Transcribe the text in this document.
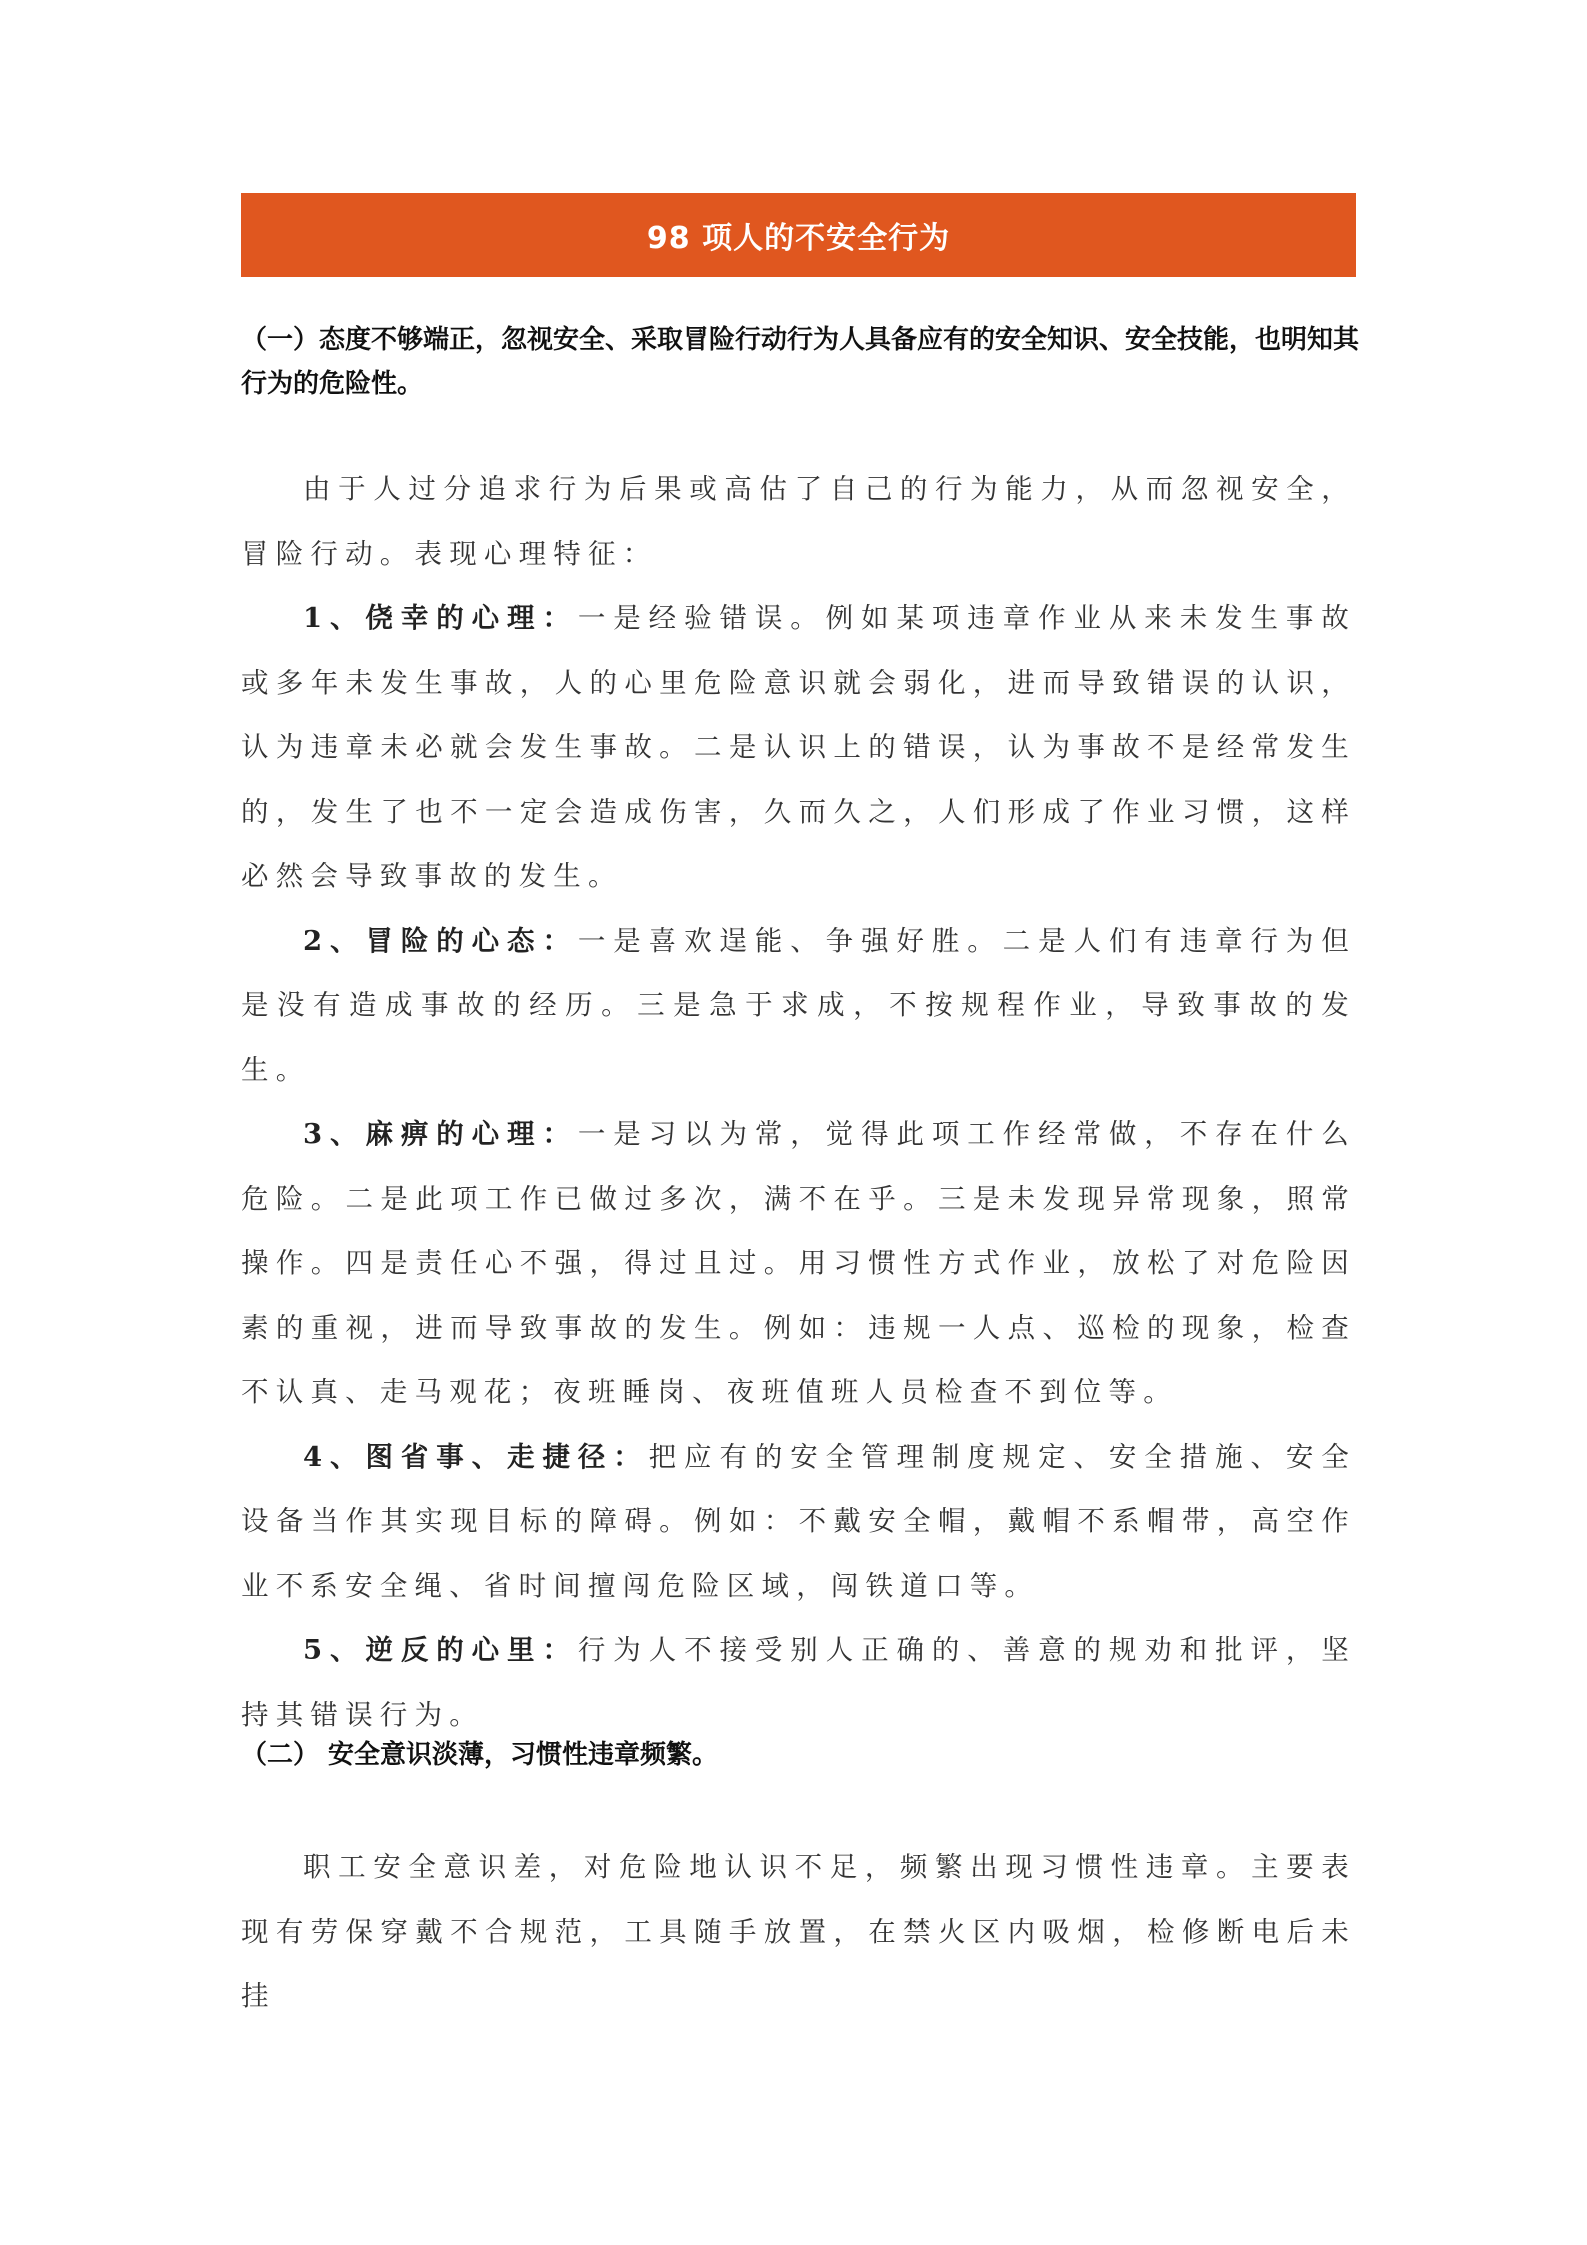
98 项人的不安全行为
（一）态度不够端正，忽视安全、采取冒险行动行为人具备应有的安全知识、安全技能，也明知其行为的危险性。

由于人过分追求行为后果或高估了自己的行为能力，从而忽视安全，冒险行动。表现心理特征：

1、侥幸的心理：一是经验错误。例如某项违章作业从来未发生事故或多年未发生事故，人的心里危险意识就会弱化，进而导致错误的认识，认为违章未必就会发生事故。二是认识上的错误，认为事故不是经常发生的，发生了也不一定会造成伤害，久而久之，人们形成了作业习惯，这样必然会导致事故的发生。

2、冒险的心态：一是喜欢逞能、争强好胜。二是人们有违章行为但是没有造成事故的经历。三是急于求成，不按规程作业，导致事故的发生。

3、麻痹的心理：一是习以为常，觉得此项工作经常做，不存在什么危险。二是此项工作已做过多次，满不在乎。三是未发现异常现象，照常操作。四是责任心不强，得过且过。用习惯性方式作业，放松了对危险因素的重视，进而导致事故的发生。例如：违规一人点、巡检的现象，检查不认真、走马观花；夜班睡岗、夜班值班人员检查不到位等。

4、图省事、走捷径：把应有的安全管理制度规定、安全措施、安全设备当作其实现目标的障碍。例如：不戴安全帽，戴帽不系帽带，高空作业不系安全绳、省时间擅闯危险区域，闯铁道口等。

5、逆反的心里：行为人不接受别人正确的、善意的规劝和批评，坚持其错误行为。

（二） 安全意识淡薄，习惯性违章频繁。

职工安全意识差，对危险地认识不足，频繁出现习惯性违章。主要表现有劳保穿戴不合规范，工具随手放置，在禁火区内吸烟，检修断电后未挂
